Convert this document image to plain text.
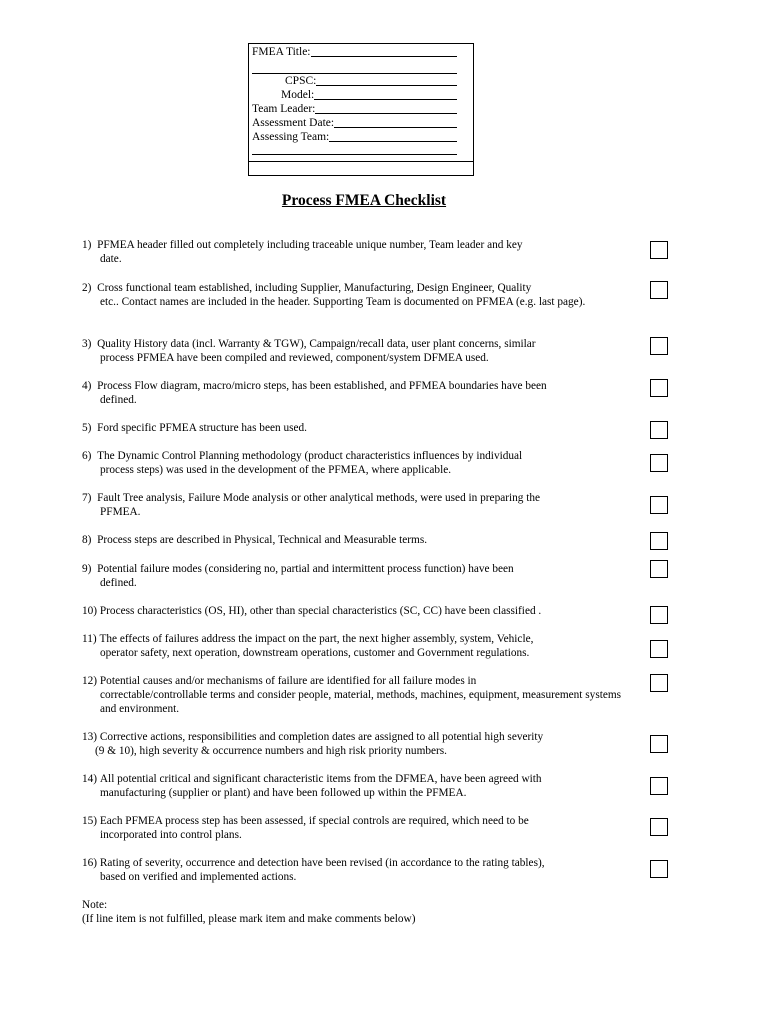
FMEA Title:
CPSC:
Model:
Team Leader:
Assessment Date:
Assessing Team:
Process FMEA Checklist
1) PFMEA header filled out completely including traceable unique number, Team leader and key
date.
2) Cross functional team established, including Supplier, Manufacturing, Design Engineer, Quality
etc.. Contact names are included in the header. Supporting Team is documented on PFMEA (e.g. last page).
3) Quality History data (incl. Warranty & TGW), Campaign/recall data, user plant concerns, similar
process PFMEA have been compiled and reviewed, component/system DFMEA used.
4) Process Flow diagram, macro/micro steps, has been established, and PFMEA boundaries have been
defined.
5) Ford specific PFMEA structure has been used.
6) The Dynamic Control Planning methodology (product characteristics influences by individual
process steps) was used in the development of the PFMEA, where applicable.
7) Fault Tree analysis, Failure Mode analysis or other analytical methods, were used in preparing the
PFMEA.
8) Process steps are described in Physical, Technical and Measurable terms.
9) Potential failure modes (considering no, partial and intermittent process function) have been
defined.
10) Process characteristics (OS, HI), other than special characteristics (SC, CC) have been classified .
11) The effects of failures address the impact on the part, the next higher assembly, system, Vehicle,
operator safety, next operation, downstream operations, customer and Government regulations.
12) Potential causes and/or mechanisms of failure are identified for all failure modes in
correctable/controllable terms and consider people, material, methods, machines, equipment, measurement systems and environment.
13) Corrective actions, responsibilities and completion dates are assigned to all potential high severity
(9 & 10), high severity & occurrence numbers and high risk priority numbers.
14) All potential critical and significant characteristic items from the DFMEA, have been agreed with
manufacturing (supplier or plant) and have been followed up within the PFMEA.
15) Each PFMEA process step has been assessed, if special controls are required, which need to be
incorporated into control plans.
16) Rating of severity, occurrence and detection have been revised (in accordance to the rating tables),
based on verified and implemented actions.
Note:
(If line item is not fulfilled, please mark item and make comments below)
